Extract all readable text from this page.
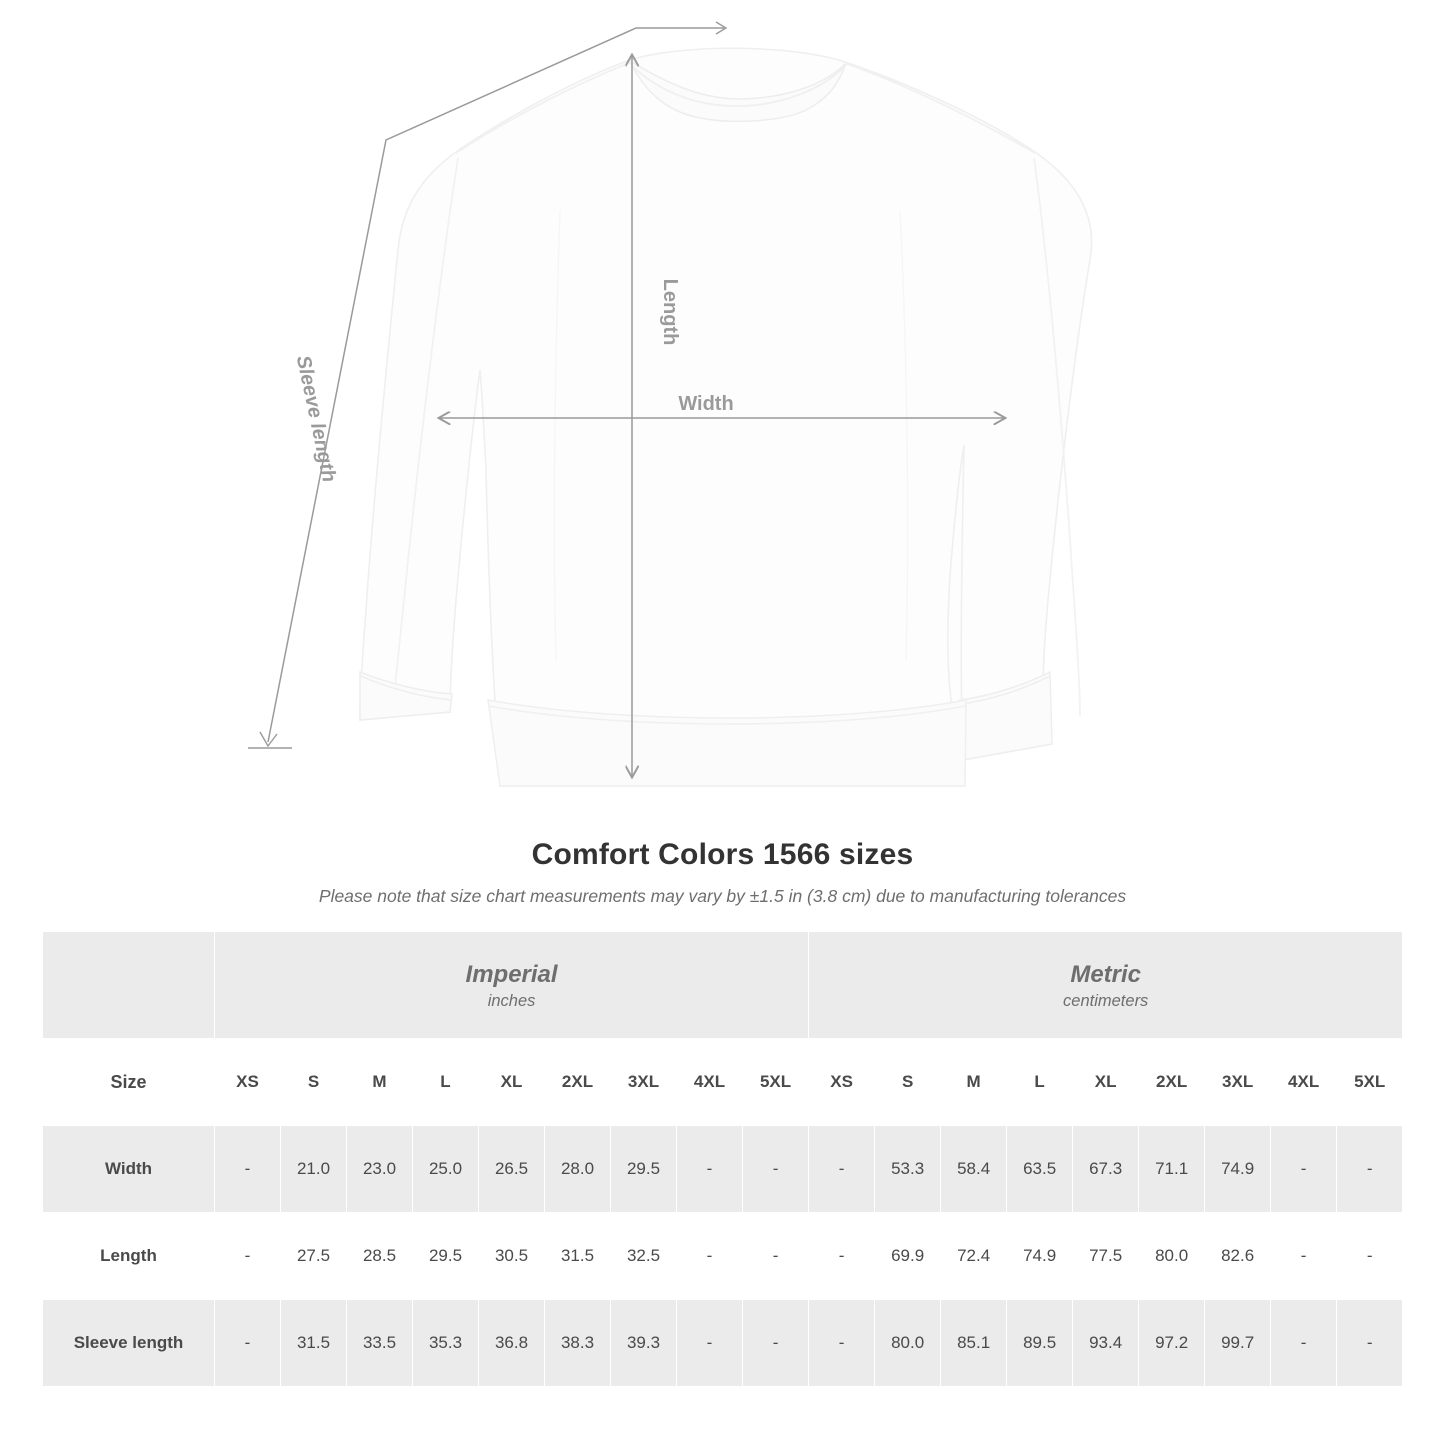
Length
Width
Sleeve length
Comfort Colors 1566 sizes
Please note that size chart measurements may vary by ±1.5 in (3.8 cm) due to manufacturing tolerances

Imperial
inches

Metric
centimeters

Size	XS	S	M	L	XL	2XL	3XL	4XL	5XL	XS	S	M	L	XL	2XL	3XL	4XL	5XL
Width	-	21.0	23.0	25.0	26.5	28.0	29.5	-	-	-	53.3	58.4	63.5	67.3	71.1	74.9	-	-
Length	-	27.5	28.5	29.5	30.5	31.5	32.5	-	-	-	69.9	72.4	74.9	77.5	80.0	82.6	-	-
Sleeve length	-	31.5	33.5	35.3	36.8	38.3	39.3	-	-	-	80.0	85.1	89.5	93.4	97.2	99.7	-	-
